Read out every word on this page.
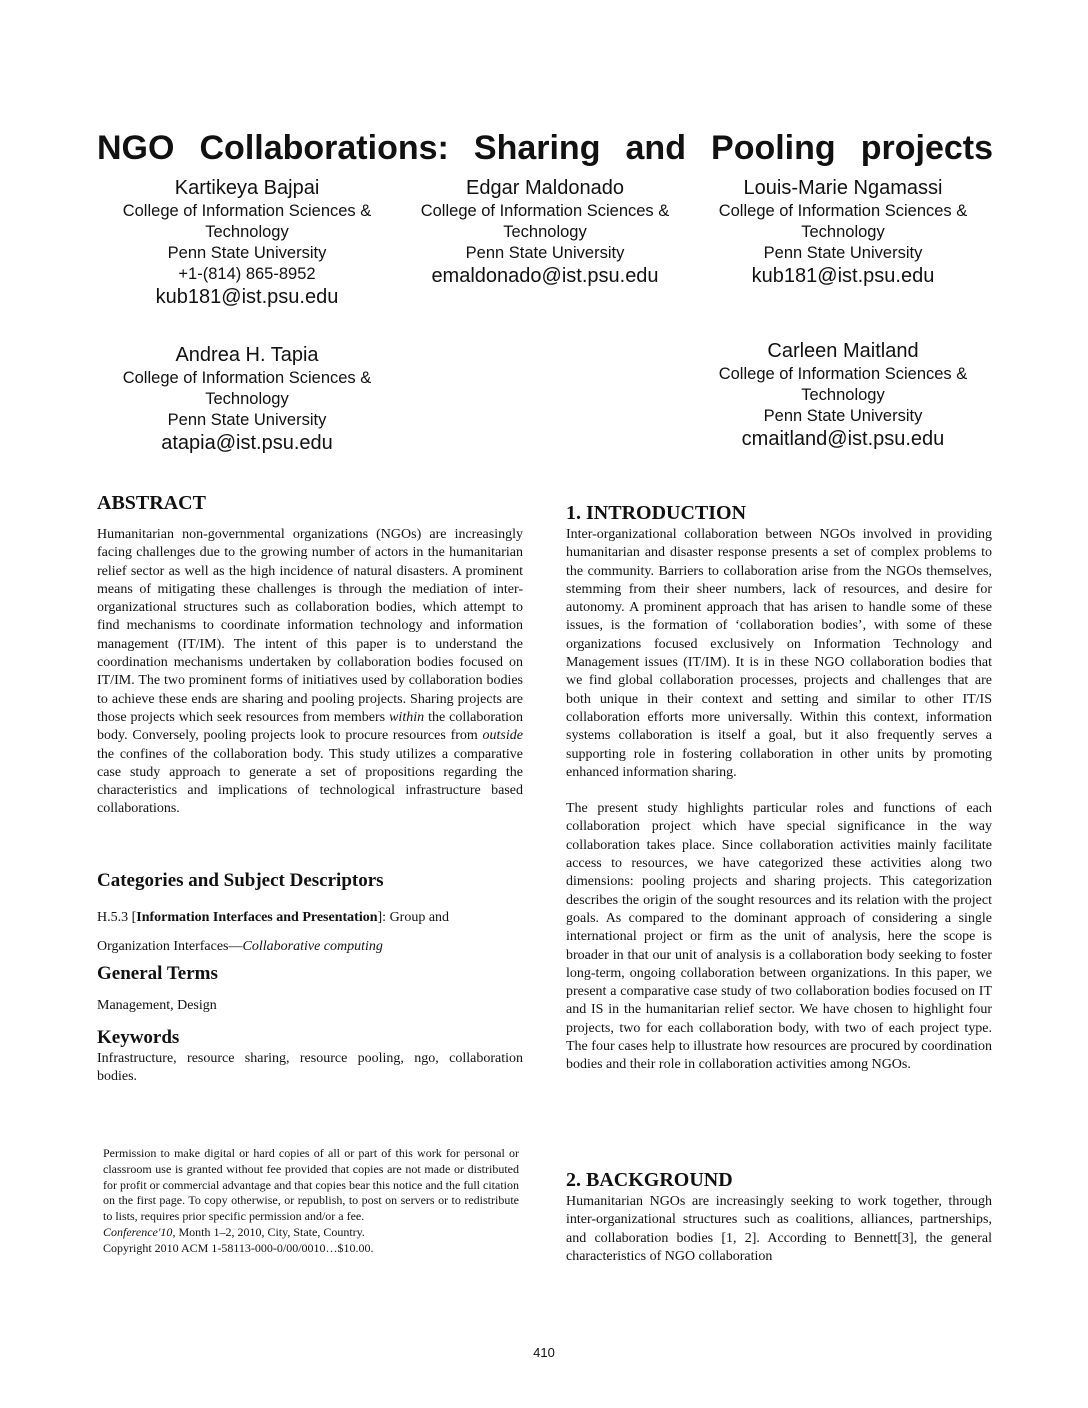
NGO Collaborations: Sharing and Pooling projects
Kartikeya Bajpai
College of Information Sciences &
Technology
Penn State University
+1-(814) 865-8952
kub181@ist.psu.edu
Edgar Maldonado
College of Information Sciences &
Technology
Penn State University
emaldonado@ist.psu.edu
Louis-Marie Ngamassi
College of Information Sciences &
Technology
Penn State University
kub181@ist.psu.edu
Andrea H. Tapia
College of Information Sciences &
Technology
Penn State University
atapia@ist.psu.edu
Carleen Maitland
College of Information Sciences &
Technology
Penn State University
cmaitland@ist.psu.edu
ABSTRACT

Humanitarian non-governmental organizations (NGOs) are increasingly facing challenges due to the growing number of actors in the humanitarian relief sector as well as the high incidence of natural disasters. A prominent means of mitigating these challenges is through the mediation of inter-organizational structures such as collaboration bodies, which attempt to find mechanisms to coordinate information technology and information management (IT/IM). The intent of this paper is to understand the coordination mechanisms undertaken by collaboration bodies focused on IT/IM. The two prominent forms of initiatives used by collaboration bodies to achieve these ends are sharing and pooling projects. Sharing projects are those projects which seek resources from members within the collaboration body. Conversely, pooling projects look to procure resources from outside the confines of the collaboration body. This study utilizes a comparative case study approach to generate a set of propositions regarding the characteristics and implications of technological infrastructure based collaborations.

Categories and Subject Descriptors

H.5.3 [Information Interfaces and Presentation]: Group and

Organization Interfaces—Collaborative computing

General Terms

Management, Design

Keywords

Infrastructure, resource sharing, resource pooling, ngo, collaboration bodies.

Permission to make digital or hard copies of all or part of this work for personal or classroom use is granted without fee provided that copies are not made or distributed for profit or commercial advantage and that copies bear this notice and the full citation on the first page. To copy otherwise, or republish, to post on servers or to redistribute to lists, requires prior specific permission and/or a fee.

Conference'10, Month 1–2, 2010, City, State, Country.

Copyright 2010 ACM 1-58113-000-0/00/0010…$10.00.

1. INTRODUCTION

Inter-organizational collaboration between NGOs involved in providing humanitarian and disaster response presents a set of complex problems to the community. Barriers to collaboration arise from the NGOs themselves, stemming from their sheer numbers, lack of resources, and desire for autonomy. A prominent approach that has arisen to handle some of these issues, is the formation of ‘collaboration bodies’, with some of these organizations focused exclusively on Information Technology and Management issues (IT/IM). It is in these NGO collaboration bodies that we find global collaboration processes, projects and challenges that are both unique in their context and setting and similar to other IT/IS collaboration efforts more universally. Within this context, information systems collaboration is itself a goal, but it also frequently serves a supporting role in fostering collaboration in other units by promoting enhanced information sharing.

The present study highlights particular roles and functions of each collaboration project which have special significance in the way collaboration takes place. Since collaboration activities mainly facilitate access to resources, we have categorized these activities along two dimensions: pooling projects and sharing projects. This categorization describes the origin of the sought resources and its relation with the project goals. As compared to the dominant approach of considering a single international project or firm as the unit of analysis, here the scope is broader in that our unit of analysis is a collaboration body seeking to foster long-term, ongoing collaboration between organizations. In this paper, we present a comparative case study of two collaboration bodies focused on IT and IS in the humanitarian relief sector. We have chosen to highlight four projects, two for each collaboration body, with two of each project type. The four cases help to illustrate how resources are procured by coordination bodies and their role in collaboration activities among NGOs.

2. BACKGROUND

Humanitarian NGOs are increasingly seeking to work together, through inter-organizational structures such as coalitions, alliances, partnerships, and collaboration bodies [1, 2]. According to Bennett[3], the general characteristics of NGO collaboration

410
